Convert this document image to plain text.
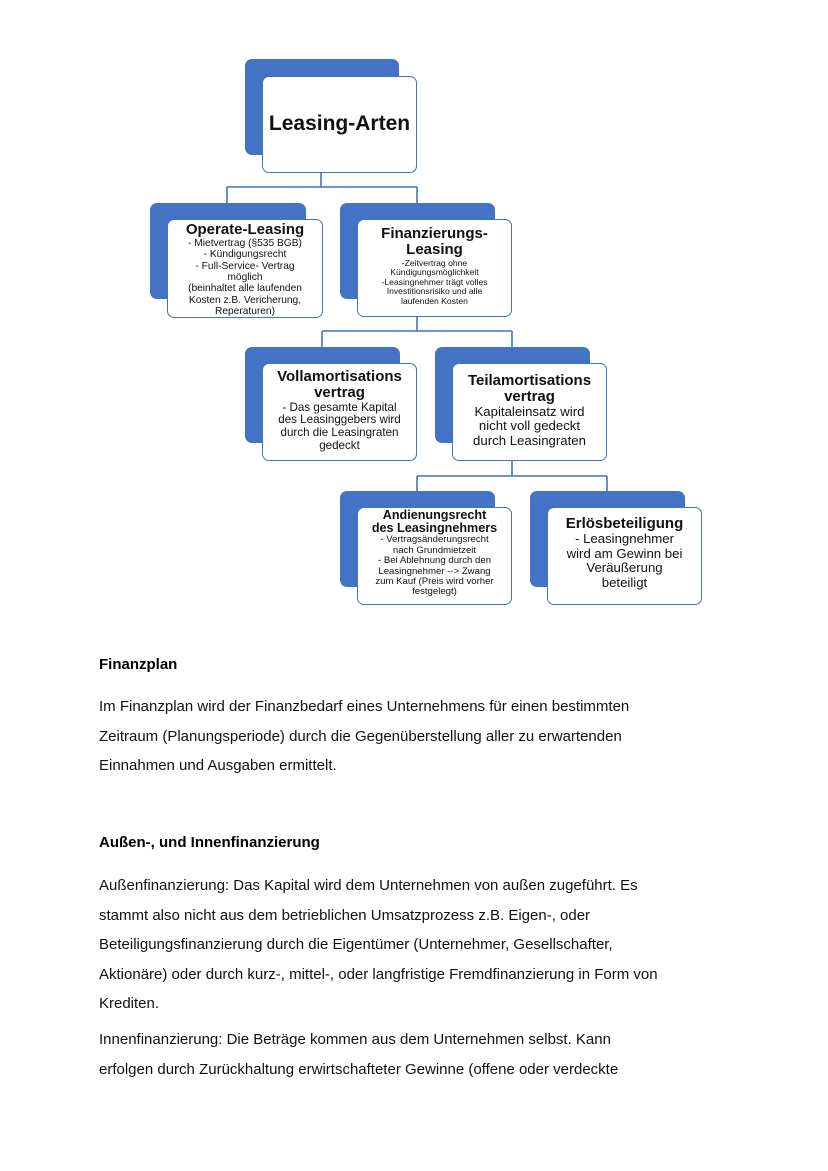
Leasing-Arten
Operate-Leasing
- Mietvertrag (§535 BGB)
- Kündigungsrecht
- Full-Service- Vertrag
möglich
(beinhaltet alle laufenden
Kosten z.B. Vericherung,
Reperaturen)
Finanzierungs-
Leasing
-Zeitvertrag ohne
Kündigungsmöglichkeit
-Leasingnehmer trägt volles
Investitionsrisiko und alle
laufenden Kosten
Vollamortisations
vertrag
- Das gesamte Kapital
des Leasinggebers wird
durch die Leasingraten
gedeckt
Teilamortisations
vertrag
Kapitaleinsatz wird
nicht voll gedeckt
durch Leasingraten
Andienungsrecht
des Leasingnehmers
- Vertragsänderungsrecht
nach Grundmietzeit
- Bei Ablehnung durch den
Leasingnehmer --> Zwang
zum Kauf (Preis wird vorher
festgelegt)
Erlösbeteiligung
- Leasingnehmer
wird am Gewinn bei
Veräußerung
beteiligt

Finanzplan

Im Finanzplan wird der Finanzbedarf eines Unternehmens für einen bestimmten

Zeitraum (Planungsperiode) durch die Gegenüberstellung aller zu erwartenden

Einnahmen und Ausgaben ermittelt.

Außen-, und Innenfinanzierung

Außenfinanzierung: Das Kapital wird dem Unternehmen von außen zugeführt. Es

stammt also nicht aus dem betrieblichen Umsatzprozess z.B. Eigen-, oder

Beteiligungsfinanzierung durch die Eigentümer (Unternehmer, Gesellschafter,

Aktionäre) oder durch kurz-, mittel-, oder langfristige Fremdfinanzierung in Form von

Krediten.

Innenfinanzierung: Die Beträge kommen aus dem Unternehmen selbst. Kann

erfolgen durch Zurückhaltung erwirtschafteter Gewinne (offene oder verdeckte
